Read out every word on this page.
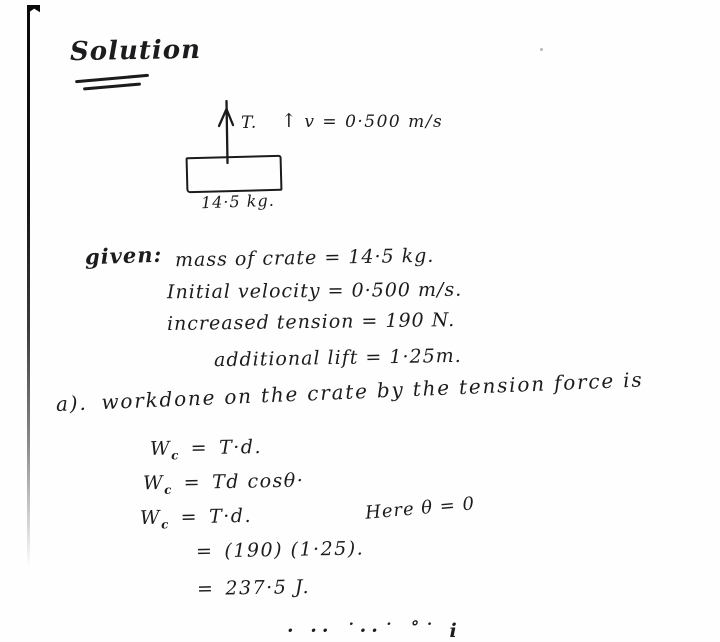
Solution
T. ↑ v = 0·500 m/s
14·5 kg.
given: mass of crate = 14·5 kg.
Initial velocity = 0·500 m/s.
increased tension = 190 N.
additional lift = 1·25m.
a). workdone on the crate by the tension force is
$W_c = T\cdot d$.
$W_c = Td$ cosθ·
$W_c = T\cdot d$.	Here θ = 0
= (190) (1·25).
= 237·5 J.
· ·· ˙··˙ ˚˙ i
